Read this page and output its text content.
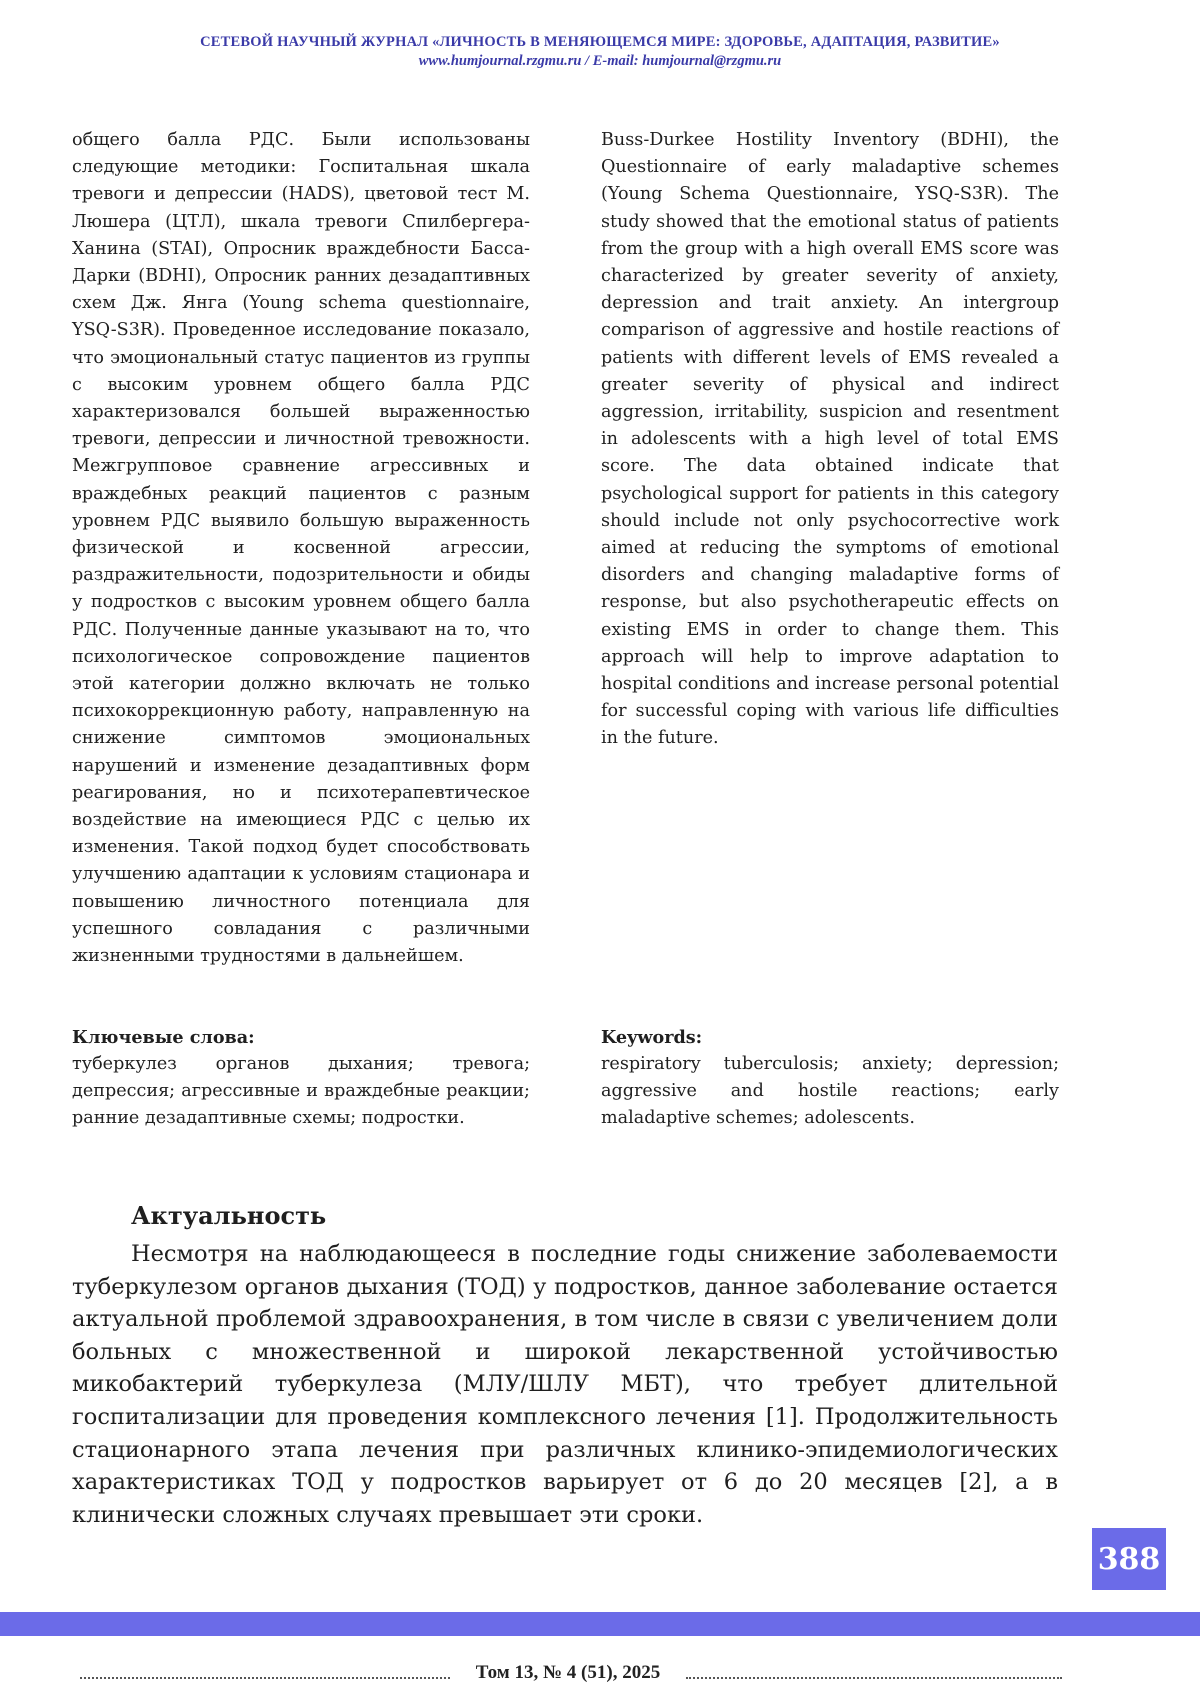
СЕТЕВОЙ НАУЧНЫЙ ЖУРНАЛ «ЛИЧНОСТЬ В МЕНЯЮЩЕМСЯ МИРЕ: ЗДОРОВЬЕ, АДАПТАЦИЯ, РАЗВИТИЕ»
www.humjournal.rzgmu.ru / E-mail: humjournal@rzgmu.ru
общего балла РДС. Были использованы следующие методики: Госпитальная шкала тревоги и депрессии (HADS), цветовой тест М. Люшера (ЦТЛ), шкала тревоги Спилбергера-Ханина (STAI), Опросник враждебности Басса-Дарки (BDHI), Опросник ранних дезадаптивных схем Дж. Янга (Young schema questionnaire, YSQ-S3R). Проведенное исследование показало, что эмоциональный статус пациентов из группы с высоким уровнем общего балла РДС характеризовался большей выраженностью тревоги, депрессии и личностной тревожности. Межгрупповое сравнение агрессивных и враждебных реакций пациентов с разным уровнем РДС выявило большую выраженность физической и косвенной агрессии, раздражительности, подозрительности и обиды у подростков с высоким уровнем общего балла РДС. Полученные данные указывают на то, что психологическое сопровождение пациентов этой категории должно включать не только психокоррекционную работу, направленную на снижение симптомов эмоциональных нарушений и изменение дезадаптивных форм реагирования, но и психотерапевтическое воздействие на имеющиеся РДС с целью их изменения. Такой подход будет способствовать улучшению адаптации к условиям стационара и повышению личностного потенциала для успешного совладания с различными жизненными трудностями в дальнейшем.
Buss-Durkee Hostility Inventory (BDHI), the Questionnaire of early maladaptive schemes (Young Schema Questionnaire, YSQ-S3R). The study showed that the emotional status of patients from the group with a high overall EMS score was characterized by greater severity of anxiety, depression and trait anxiety. An intergroup comparison of aggressive and hostile reactions of patients with different levels of EMS revealed a greater severity of physical and indirect aggression, irritability, suspicion and resentment in adolescents with a high level of total EMS score. The data obtained indicate that psychological support for patients in this category should include not only psychocorrective work aimed at reducing the symptoms of emotional disorders and changing maladaptive forms of response, but also psychotherapeutic effects on existing EMS in order to change them. This approach will help to improve adaptation to hospital conditions and increase personal potential for successful coping with various life difficulties in the future.
Ключевые слова:
туберкулез органов дыхания; тревога; депрессия; агрессивные и враждебные реакции; ранние дезадаптивные схемы; подростки.
Keywords:
respiratory tuberculosis; anxiety; depression; aggressive and hostile reactions; early maladaptive schemes; adolescents.
Актуальность

Несмотря на наблюдающееся в последние годы снижение заболеваемости туберкулезом органов дыхания (ТОД) у подростков, данное заболевание остается актуальной проблемой здравоохранения, в том числе в связи с увеличением доли больных с множественной и широкой лекарственной устойчивостью микобактерий туберкулеза (МЛУ/ШЛУ МБТ), что требует длительной госпитализации для проведения комплексного лечения [1]. Продолжительность стационарного этапа лечения при различных клинико-эпидемиологических характеристиках ТОД у подростков варьирует от 6 до 20 месяцев [2], а в клинически сложных случаях превышает эти сроки.

388
Том 13, № 4 (51), 2025
